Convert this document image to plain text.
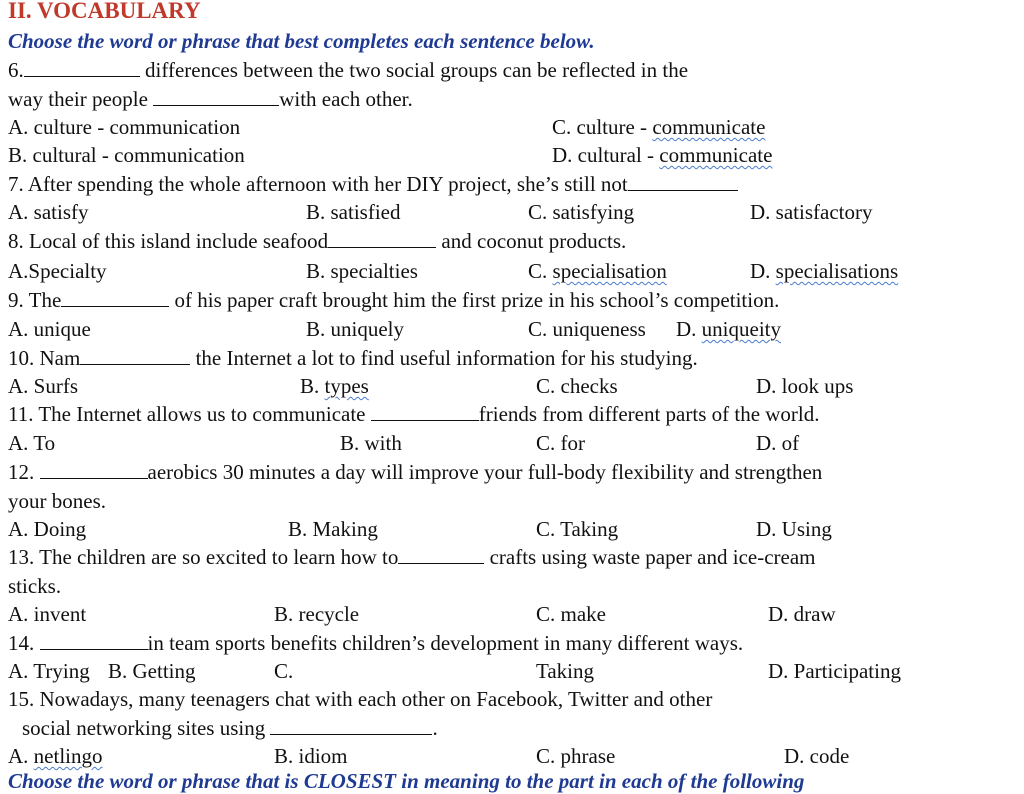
II. VOCABULARY
Choose the word or phrase that best completes each sentence below.
6.	differences between the two social groups can be reflected in the
way their people	with each other.
A. culture - communication	C. culture - communicate
B. cultural - communication	D. cultural - communicate
7. After spending the whole afternoon with her DIY project, she’s still not
A. satisfy	B. satisfied	C. satisfying	D. satisfactory
8. Local of this island include seafood	and coconut products.
A.Specialty	B. specialties	C. specialisation	D. specialisations
9. The	of his paper craft brought him the first prize in his school’s competition.
A. unique	B. uniquely	C. uniqueness D. uniqueity
10. Nam	the Internet a lot to find useful information for his studying.
A. Surfs	B. types	C. checks	D. look ups
11. The Internet allows us to communicate	friends from different parts of the world.
A. To	B. with	C. for	D. of
12.	aerobics 30 minutes a day will improve your full-body flexibility and strengthen
your bones.
A. Doing	B. Making	C. Taking	D. Using
13. The children are so excited to learn how to	crafts using waste paper and ice-cream
sticks.
A. invent	B. recycle	C. make	D. draw
14.	in team sports benefits children’s development in many different ways.
A. Trying B. Getting	C.	Taking	D. Participating
15. Nowadays, many teenagers chat with each other on Facebook, Twitter and other
social networking sites using	.
A. netlingo	B. idiom	C. phrase	D. code
Choose the word or phrase that is CLOSEST in meaning to the part in each of the following
